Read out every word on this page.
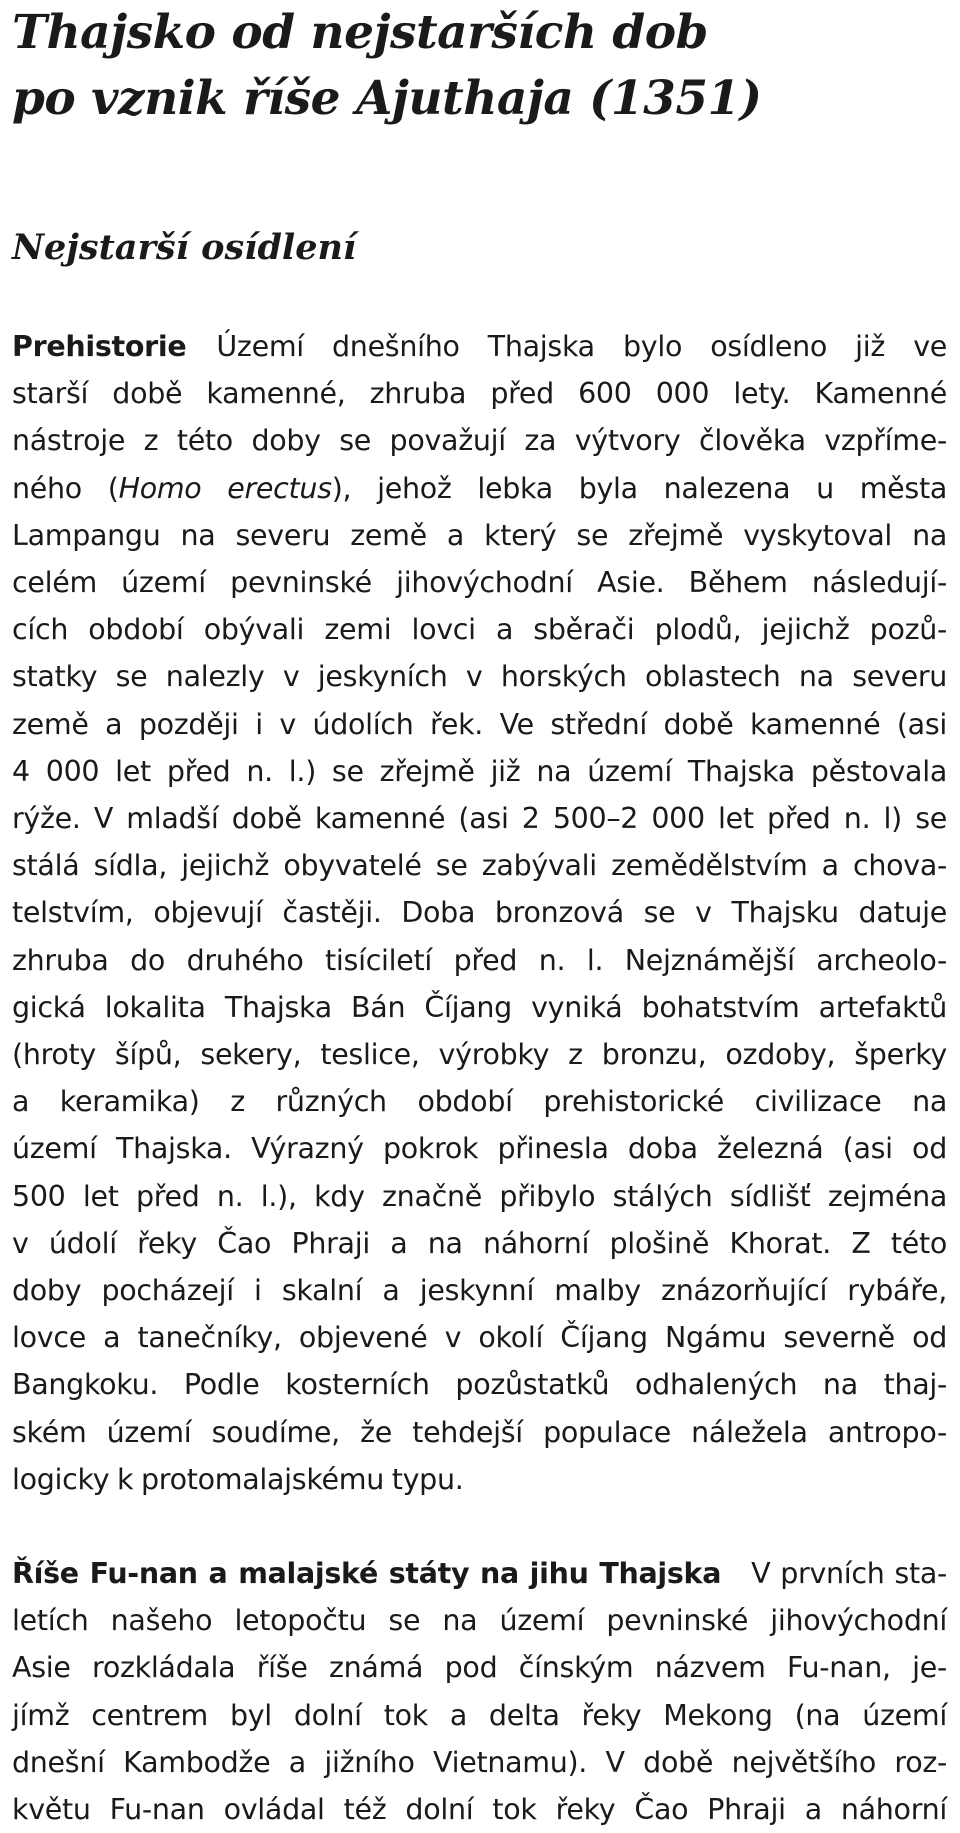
Thajsko od nejstarších dob
po vznik říše Ajuthaja (1351)
Nejstarší osídlení
Prehistorie Území dnešního Thajska bylo osídleno již ve
starší době kamenné, zhruba před 600 000 lety. Kamenné
nástroje z této doby se považují za výtvory člověka vzpříme-
ného (Homo erectus), jehož lebka byla nalezena u města
Lampangu na severu země a který se zřejmě vyskytoval na
celém území pevninské jihovýchodní Asie. Během následují-
cích období obývali zemi lovci a sběrači plodů, jejichž pozů-
statky se nalezly v jeskyních v horských oblastech na severu
země a později i v údolích řek. Ve střední době kamenné (asi
4 000 let před n. l.) se zřejmě již na území Thajska pěstovala
rýže. V mladší době kamenné (asi 2 500–2 000 let před n. l) se
stálá sídla, jejichž obyvatelé se zabývali zemědělstvím a chova-
telstvím, objevují častěji. Doba bronzová se v Thajsku datuje
zhruba do druhého tisíciletí před n. l. Nejznámější archeolo-
gická lokalita Thajska Bán Číjang vyniká bohatstvím artefaktů
(hroty šípů, sekery, teslice, výrobky z bronzu, ozdoby, šperky
a keramika) z různých období prehistorické civilizace na
území Thajska. Výrazný pokrok přinesla doba železná (asi od
500 let před n. l.), kdy značně přibylo stálých sídlišť zejména
v údolí řeky Čao Phraji a na náhorní plošině Khorat. Z této
doby pocházejí i skalní a jeskynní malby znázorňující rybáře,
lovce a tanečníky, objevené v okolí Číjang Ngámu severně od
Bangkoku. Podle kosterních pozůstatků odhalených na thaj-
ském území soudíme, že tehdejší populace náležela antropo-
logicky k protomalajskému typu.
Říše Fu-nan a malajské státy na jihu Thajska V prvních sta-
letích našeho letopočtu se na území pevninské jihovýchodní
Asie rozkládala říše známá pod čínským názvem Fu-nan, je-
jímž centrem byl dolní tok a delta řeky Mekong (na území
dnešní Kambodže a jižního Vietnamu). V době největšího roz-
květu Fu-nan ovládal též dolní tok řeky Čao Phraji a náhorní
